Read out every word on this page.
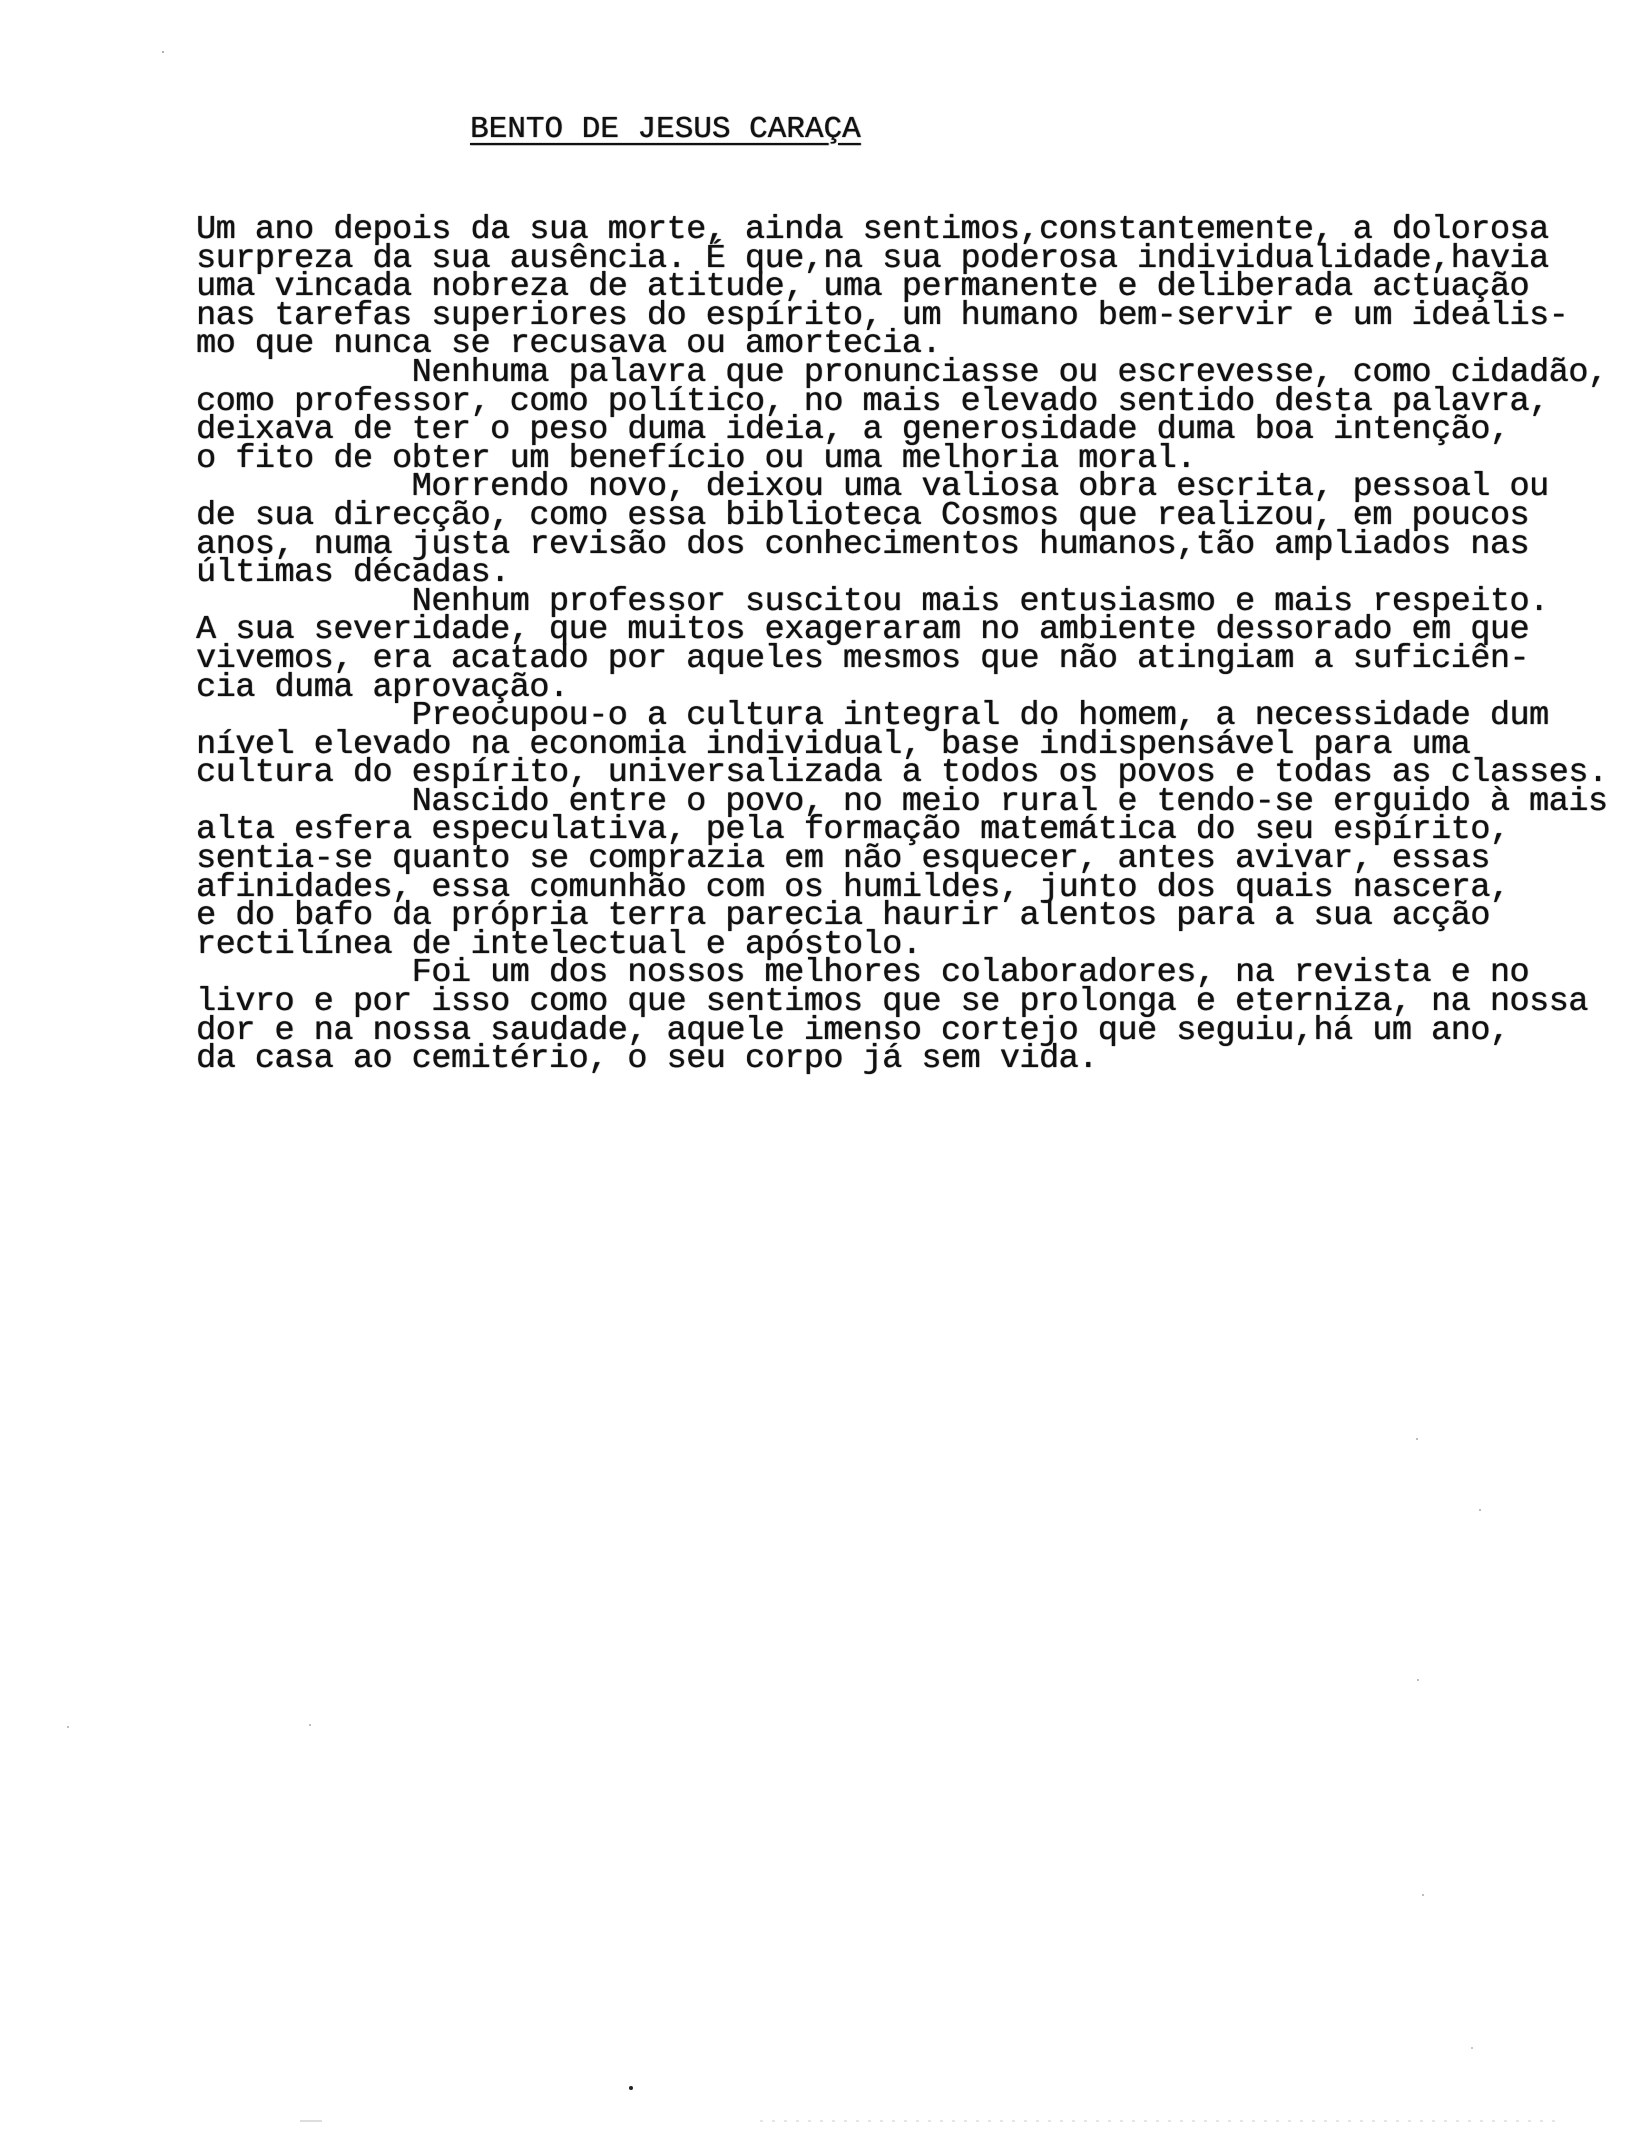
BENTO DE JESUS CARAÇA
Um ano depois da sua morte, ainda sentimos,constantemente, a dolorosa
surpreza da sua ausência. É que,na sua poderosa individualidade,havia
uma vincada nobreza de atitude, uma permanente e deliberada actuação
nas tarefas superiores do espírito, um humano bem-servir e um idealis-
mo que nunca se recusava ou amortecia.
Nenhuma palavra que pronunciasse ou escrevesse, como cidadão,
como professor, como político, no mais elevado sentido desta palavra,
deixava de ter o peso duma ideia, a generosidade duma boa intenção,
o fito de obter um benefício ou uma melhoria moral.
Morrendo novo, deixou uma valiosa obra escrita, pessoal ou
de sua direcção, como essa biblioteca Cosmos que realizou, em poucos
anos, numa justa revisão dos conhecimentos humanos,tão ampliados nas
últimas décadas.
Nenhum professor suscitou mais entusiasmo e mais respeito.
A sua severidade, que muitos exageraram no ambiente dessorado em que
vivemos, era acatado por aqueles mesmos que não atingiam a suficiên-
cia duma aprovação.
Preocupou-o a cultura integral do homem, a necessidade dum
nível elevado na economia individual, base indispensável para uma
cultura do espírito, universalizada a todos os povos e todas as classes.
Nascido entre o povo, no meio rural e tendo-se erguido à mais
alta esfera especulativa, pela formação matemática do seu espírito,
sentia-se quanto se comprazia em não esquecer, antes avivar, essas
afinidades, essa comunhão com os humildes, junto dos quais nascera,
e do bafo da própria terra parecia haurir alentos para a sua acção
rectilínea de intelectual e apóstolo.
Foi um dos nossos melhores colaboradores, na revista e no
livro e por isso como que sentimos que se prolonga e eterniza, na nossa
dor e na nossa saudade, aquele imenso cortejo que seguiu,há um ano,
da casa ao cemitério, o seu corpo já sem vida.
